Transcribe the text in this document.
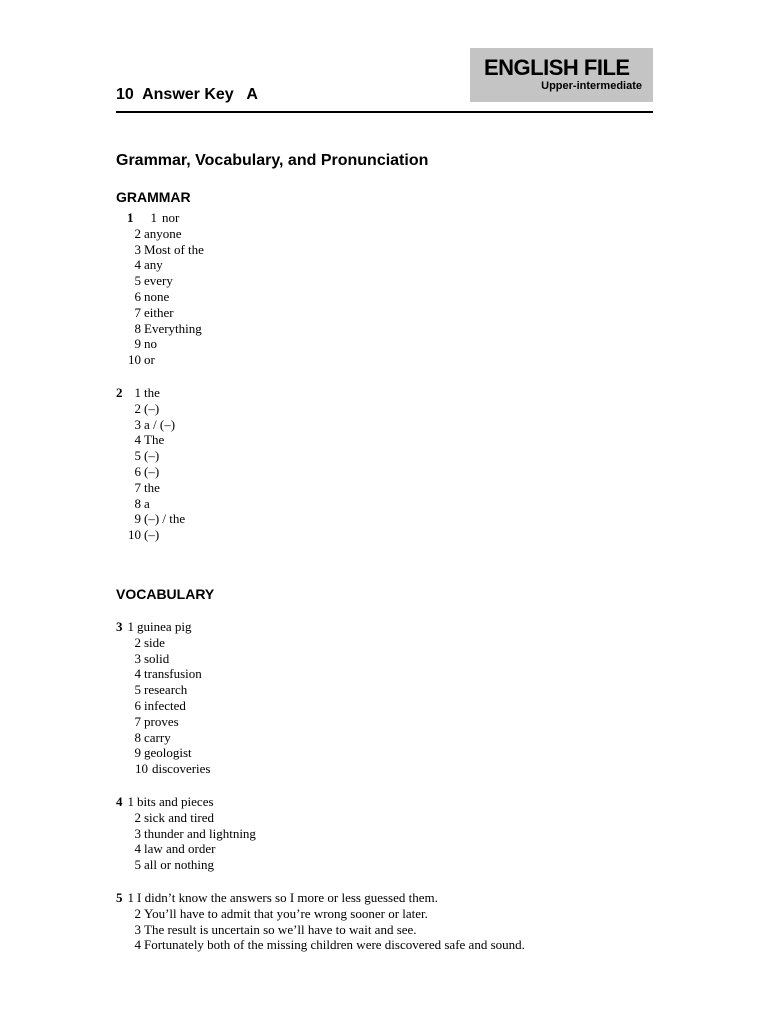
ENGLISH FILE
Upper-intermediate
10  Answer Key   A
Grammar, Vocabulary, and Pronunciation
GRAMMAR
1	1 nor
2 anyone
3 Most of the
4 any
5 every
6 none
7 either
8 Everything
9 no
10 or
2 1 the
2 (–)
3 a / (–)
4 The
5 (–)
6 (–)
7 the
8 a
9 (–) / the
10 (–)
VOCABULARY
3 1 guinea pig
2 side
3 solid
4 transfusion
5 research
6 infected
7 proves
8 carry
9 geologist
10 discoveries
4 1 bits and pieces
2 sick and tired
3 thunder and lightning
4 law and order
5 all or nothing
5 1 I didn’t know the answers so I more or less guessed them.
2 You’ll have to admit that you’re wrong sooner or later.
3 The result is uncertain so we’ll have to wait and see.
4 Fortunately both of the missing children were discovered safe and sound.
